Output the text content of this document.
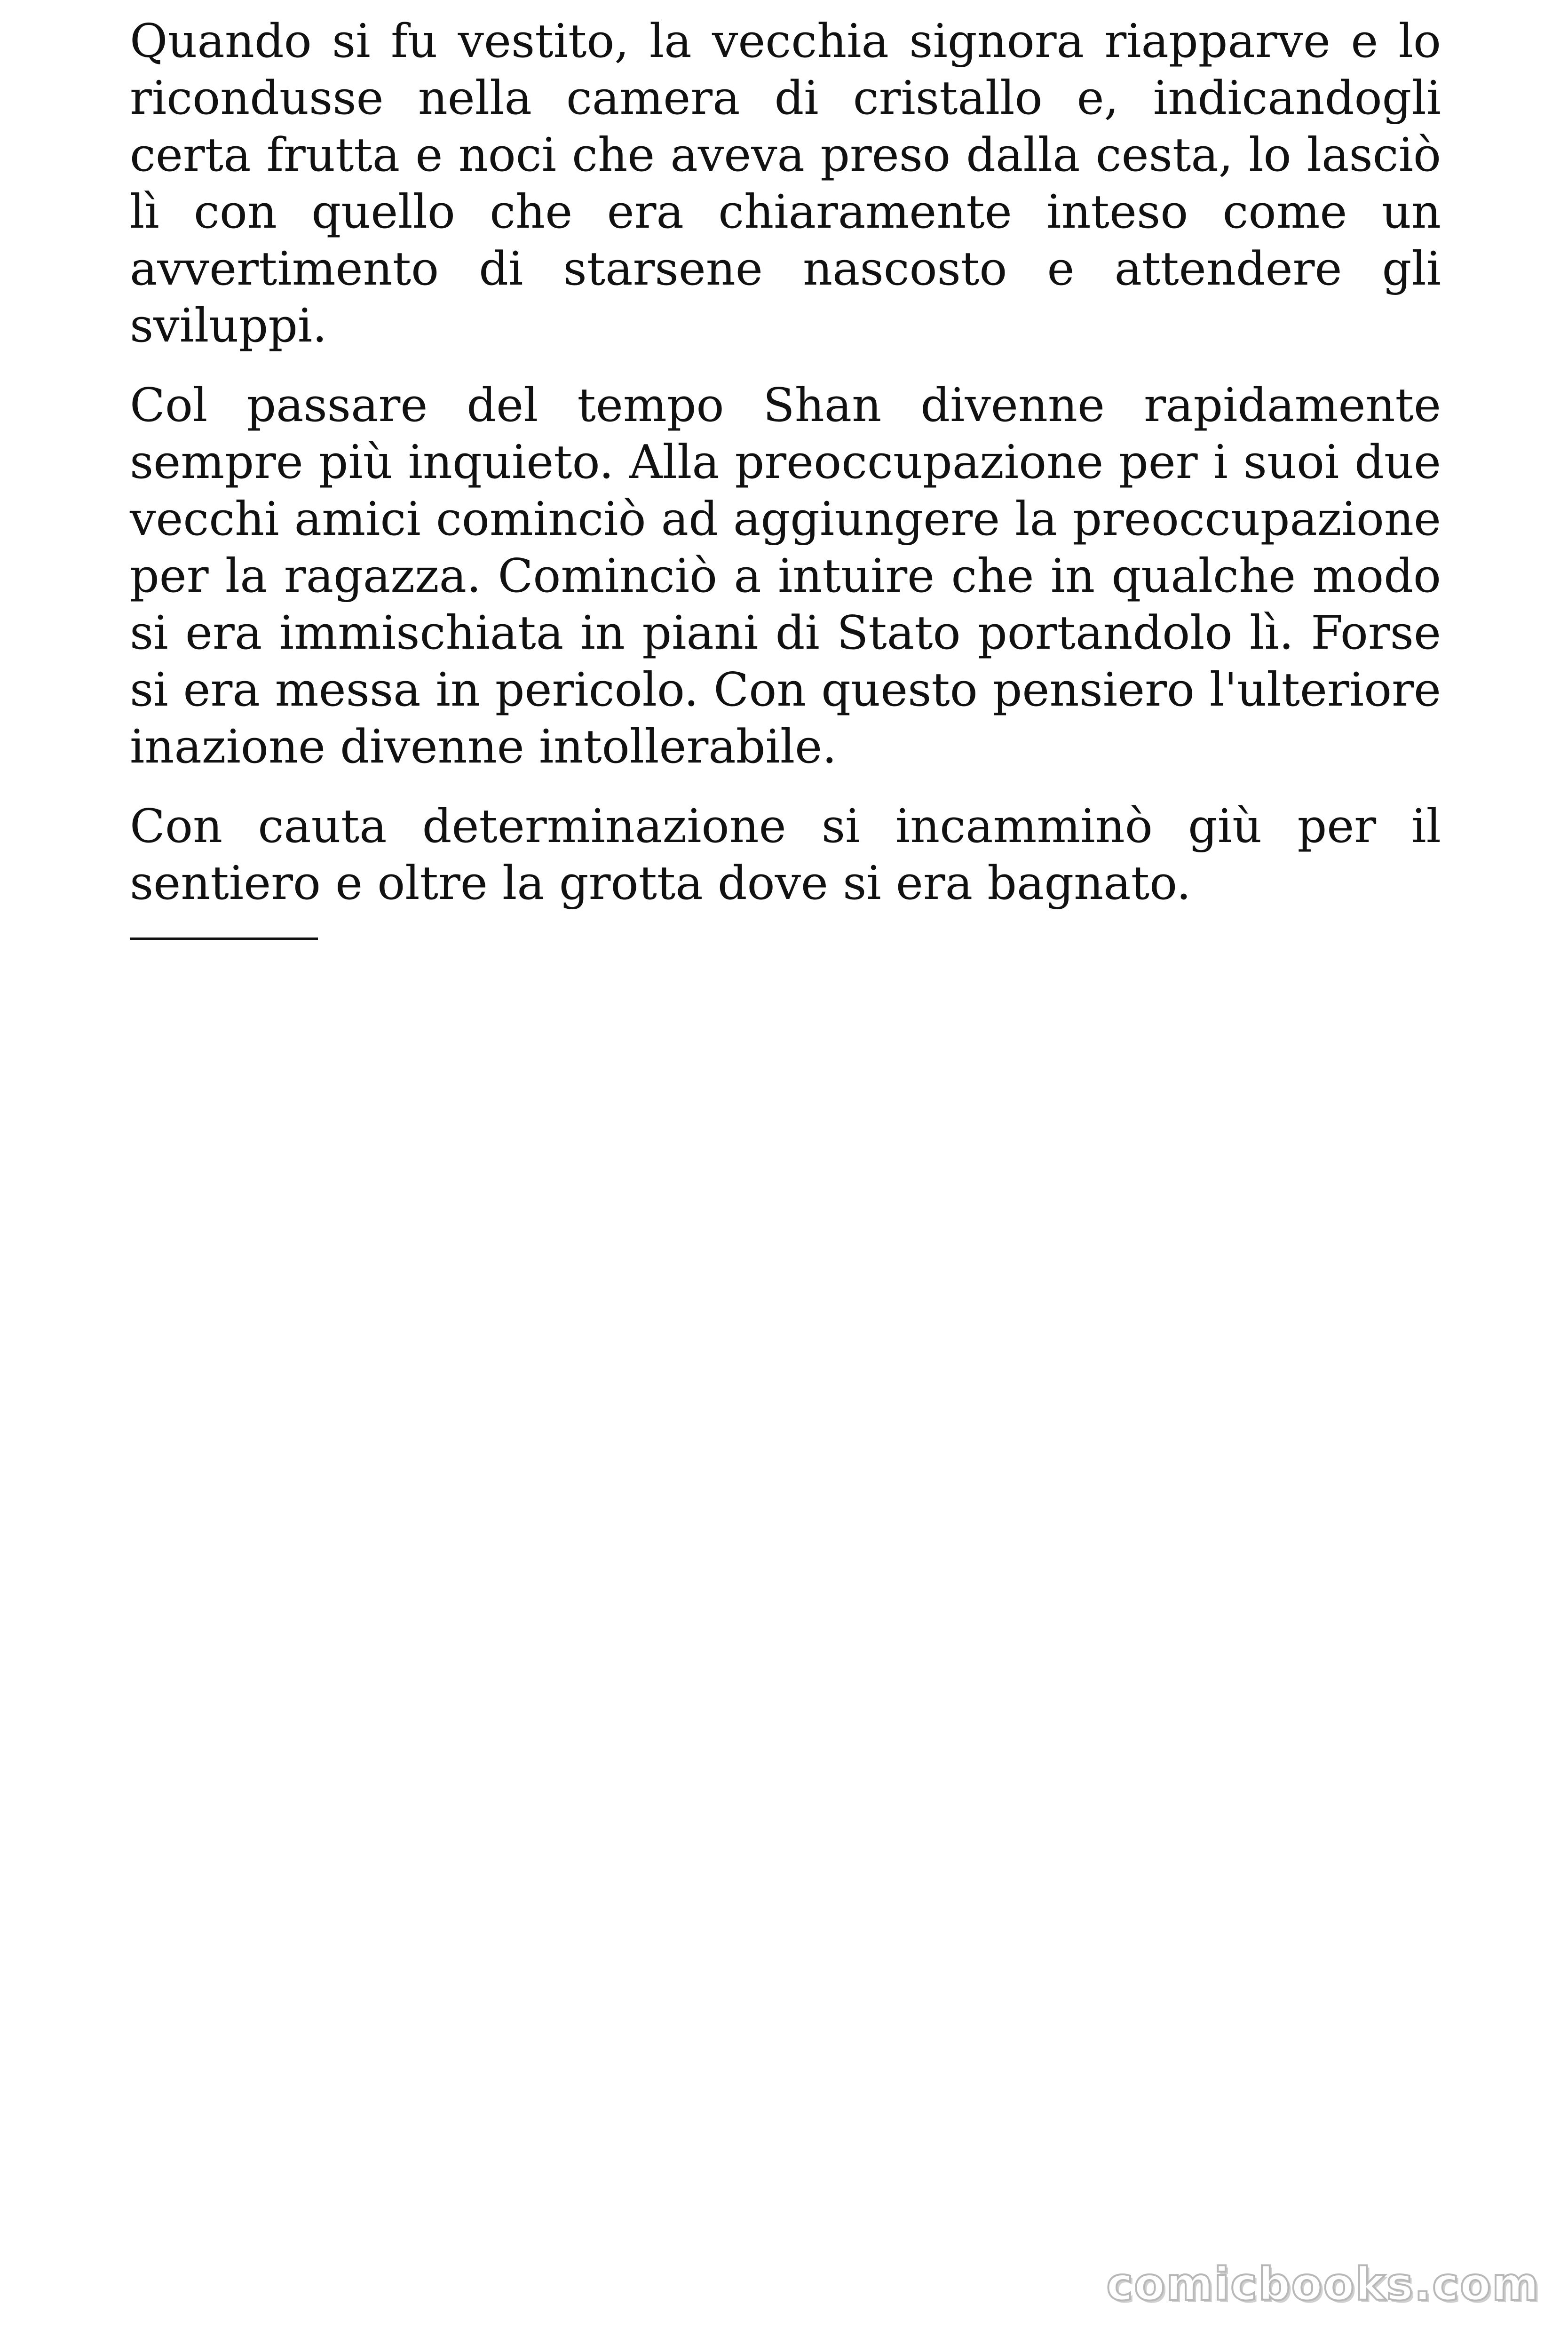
Quando si fu vestito, la vecchia signora riapparve e lo ricondusse nella camera di cristallo e, indicandogli certa frutta e noci che aveva preso dalla cesta, lo lasciò lì con quello che era chiaramente inteso come un avvertimento di starsene nascosto e attendere gli sviluppi.

Col passare del tempo Shan divenne rapidamente sempre più inquieto. Alla preoccupazione per i suoi due vecchi amici cominciò ad aggiungere la preoccupazione per la ragazza. Cominciò a intuire che in qualche modo si era immischiata in piani di Stato portandolo lì. Forse si era messa in pericolo. Con questo pensiero l'ulteriore inazione divenne intollerabile.

Con cauta determinazione si incamminò giù per il sentiero e oltre la grotta dove si era bagnato.

comicbooks.com
